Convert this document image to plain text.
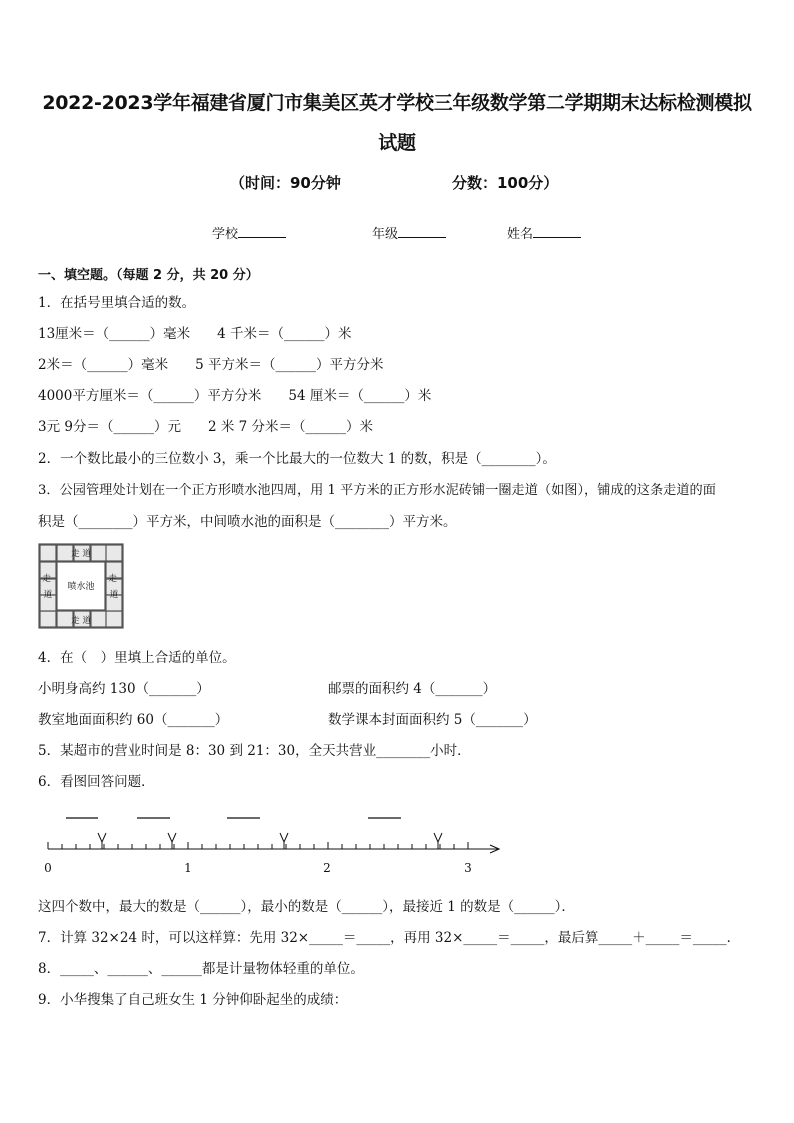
2022-2023学年福建省厦门市集美区英才学校三年级数学第二学期期末达标检测模拟
试题
（时间：90分钟	分数：100分）
学校	年级	姓名
一、填空题。（每题 2 分，共 20 分）
1．在括号里填合适的数。
13厘米＝（______）毫米　　4 千米＝（______）米
2米＝（______）毫米　　5 平方米＝（______）平方分米
4000平方厘米＝（______）平方分米　　54 厘米＝（______）米
3元 9分＝（______）元　　2 米 7 分米＝（______）米
2．一个数比最小的三位数小 3，乘一个比最大的一位数大 1 的数，积是（________）。
3．公园管理处计划在一个正方形喷水池四周，用 1 平方米的正方形水泥砖铺一圈走道（如图），铺成的这条走道的面
积是（________）平方米，中间喷水池的面积是（________）平方米。
走 道
走 道
喷水池
走 道
走 道
4．在（　）里填上合适的单位。
小明身高约 130（_______）	邮票的面积约 4（_______）
教室地面面积约 60（_______）	数学课本封面面积约 5（_______）
5．某超市的营业时间是 8：30 到 21：30，全天共营业________小时．
6．看图回答问题．
0	1	2	3
这四个数中，最大的数是（______），最小的数是（______），最接近 1 的数是（______）．
7．计算 32×24 时，可以这样算：先用 32×_____＝_____，再用 32×_____＝_____，最后算_____＋_____＝_____．
8．_____、______、______都是计量物体轻重的单位。
9．小华搜集了自己班女生 1 分钟仰卧起坐的成绩：
